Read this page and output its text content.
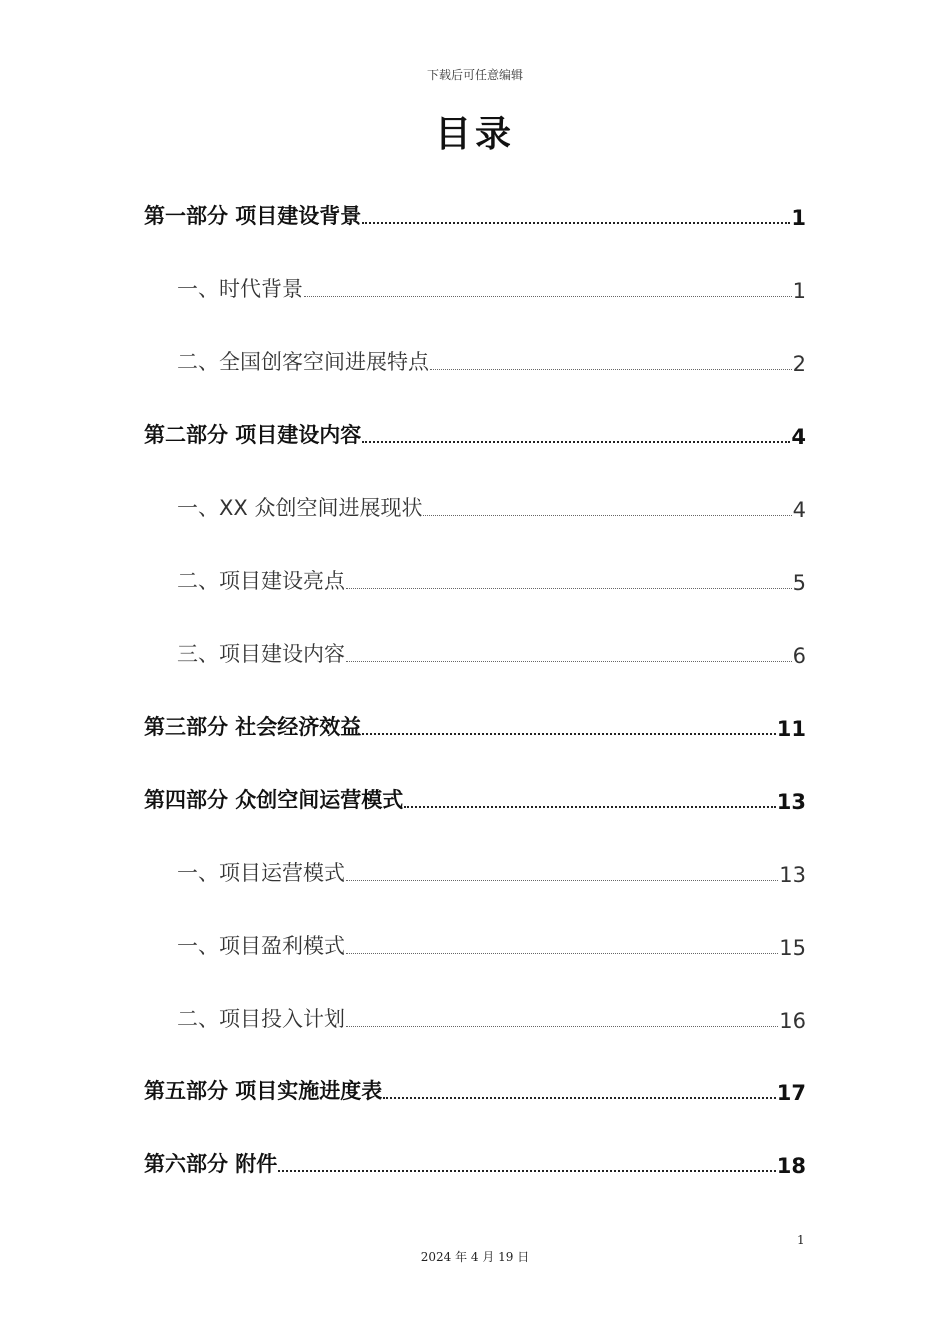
下载后可任意编辑
目录
第一部分 项目建设背景	1
一、时代背景	1
二、全国创客空间进展特点	2
第二部分 项目建设内容	4
一、XX 众创空间进展现状	4
二、项目建设亮点	5
三、项目建设内容	6
第三部分 社会经济效益	11
第四部分 众创空间运营模式	13
一、项目运营模式	13
一、项目盈利模式	15
二、项目投入计划	16
第五部分 项目实施进度表	17
第六部分 附件	18
1
2024 年 4 月 19 日
